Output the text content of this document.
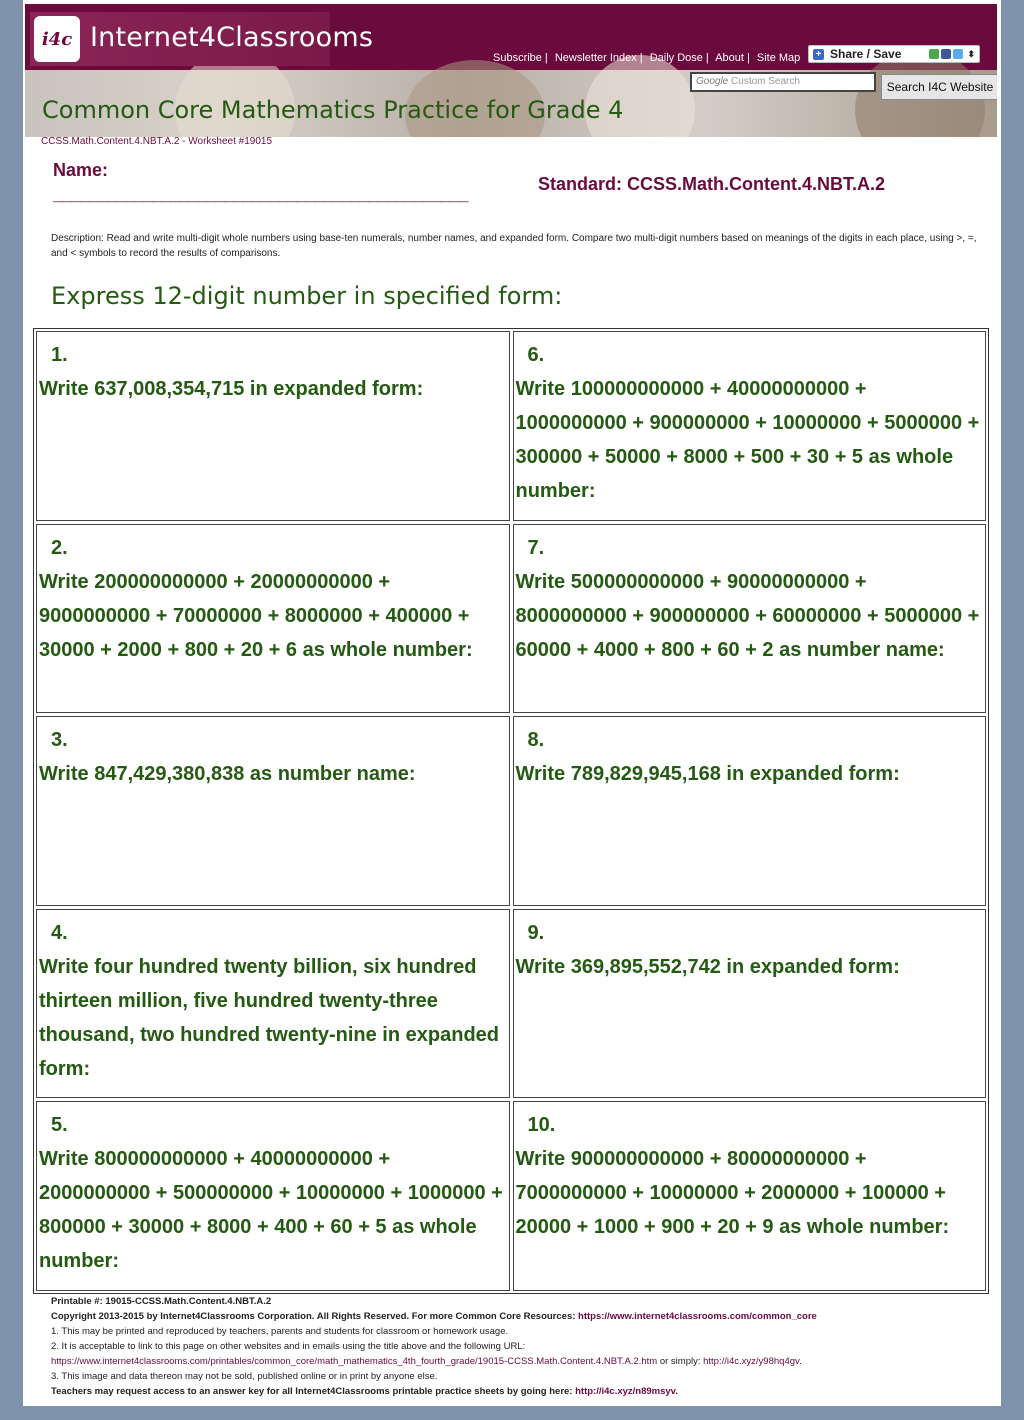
i4c Internet4Classrooms
Subscribe | Newsletter Index | Daily Dose | About | Site Map + Share / Save	⬍
Google Custom Search	Search I4C Website
Common Core Mathematics Practice for Grade 4
CCSS.Math.Content.4.NBT.A.2 - Worksheet #19015
Name:
______________________________________________	Standard: CCSS.Math.Content.4.NBT.A.2
Description: Read and write multi-digit whole numbers using base-ten numerals, number names, and expanded form. Compare two multi-digit numbers based on meanings of the digits in each place, using >, =, and < symbols to record the results of comparisons.
Express 12-digit number in specified form:
1.
Write 637,008,354,715 in expanded form:
6.
Write 100000000000 + 40000000000 + 1000000000 + 900000000 + 10000000 + 5000000 + 300000 + 50000 + 8000 + 500 + 30 + 5 as whole number:
2.
Write 200000000000 + 20000000000 + 9000000000 + 70000000 + 8000000 + 400000 + 30000 + 2000 + 800 + 20 + 6 as whole number:
7.
Write 500000000000 + 90000000000 + 8000000000 + 900000000 + 60000000 + 5000000 + 60000 + 4000 + 800 + 60 + 2 as number name:
3.
Write 847,429,380,838 as number name:
8.
Write 789,829,945,168 in expanded form:
4.
Write four hundred twenty billion, six hundred thirteen million, five hundred twenty-three thousand, two hundred twenty-nine in expanded form:
9.
Write 369,895,552,742 in expanded form:
5.
Write 800000000000 + 40000000000 + 2000000000 + 500000000 + 10000000 + 1000000 + 800000 + 30000 + 8000 + 400 + 60 + 5 as whole number:
10.
Write 900000000000 + 80000000000 + 7000000000 + 10000000 + 2000000 + 100000 + 20000 + 1000 + 900 + 20 + 9 as whole number:
Printable #: 19015-CCSS.Math.Content.4.NBT.A.2
Copyright 2013-2015 by Internet4Classrooms Corporation. All Rights Reserved. For more Common Core Resources: https://www.internet4classrooms.com/common_core
1. This may be printed and reproduced by teachers, parents and students for classroom or homework usage.
2. It is acceptable to link to this page on other websites and in emails using the title above and the following URL:
https://www.internet4classrooms.com/printables/common_core/math_mathematics_4th_fourth_grade/19015-CCSS.Math.Content.4.NBT.A.2.htm or simply: http://i4c.xyz/y98hq4gv.
3. This image and data thereon may not be sold, published online or in print by anyone else.
Teachers may request access to an answer key for all Internet4Classrooms printable practice sheets by going here: http://i4c.xyz/n89msyv.
